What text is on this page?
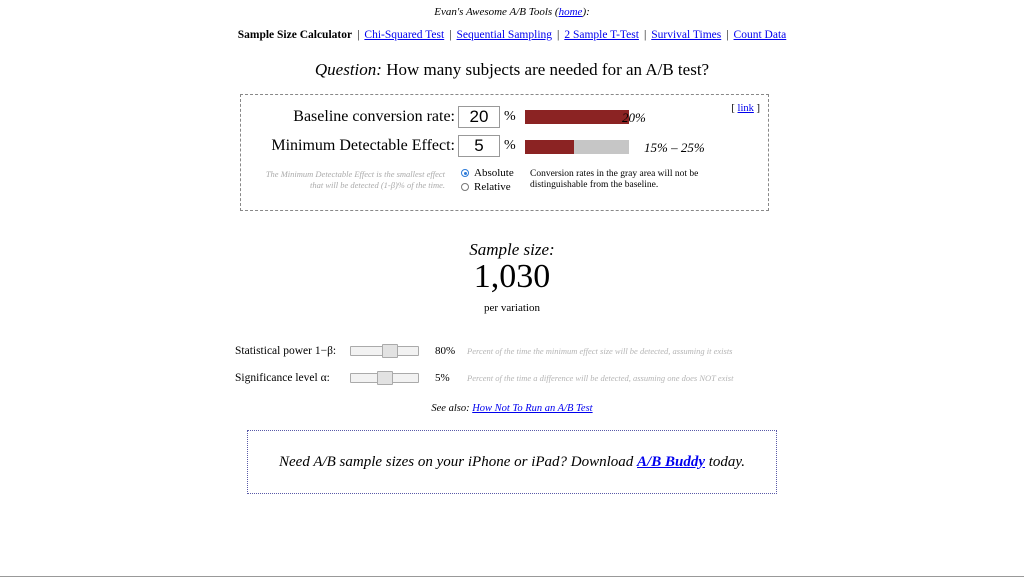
Evan's Awesome A/B Tools (home):
Sample Size Calculator | Chi-Squared Test | Sequential Sampling | 2 Sample T-Test | Survival Times | Count Data
Question: How many subjects are needed for an A/B test?
[ link ]
Baseline conversion rate:
20	%	20%
Minimum Detectable Effect:
5	%	15% – 25%
The Minimum Detectable Effect is the smallest effect that will be detected (1-β)% of the time.
Absolute
Relative
Conversion rates in the gray area will not be distinguishable from the baseline.
Sample size:
1,030
per variation
Statistical power 1−β:	80% Percent of the time the minimum effect size will be detected, assuming it exists
Significance level α:	5% Percent of the time a difference will be detected, assuming one does NOT exist
See also: How Not To Run an A/B Test
Need A/B sample sizes on your iPhone or iPad? Download A/B Buddy today.
